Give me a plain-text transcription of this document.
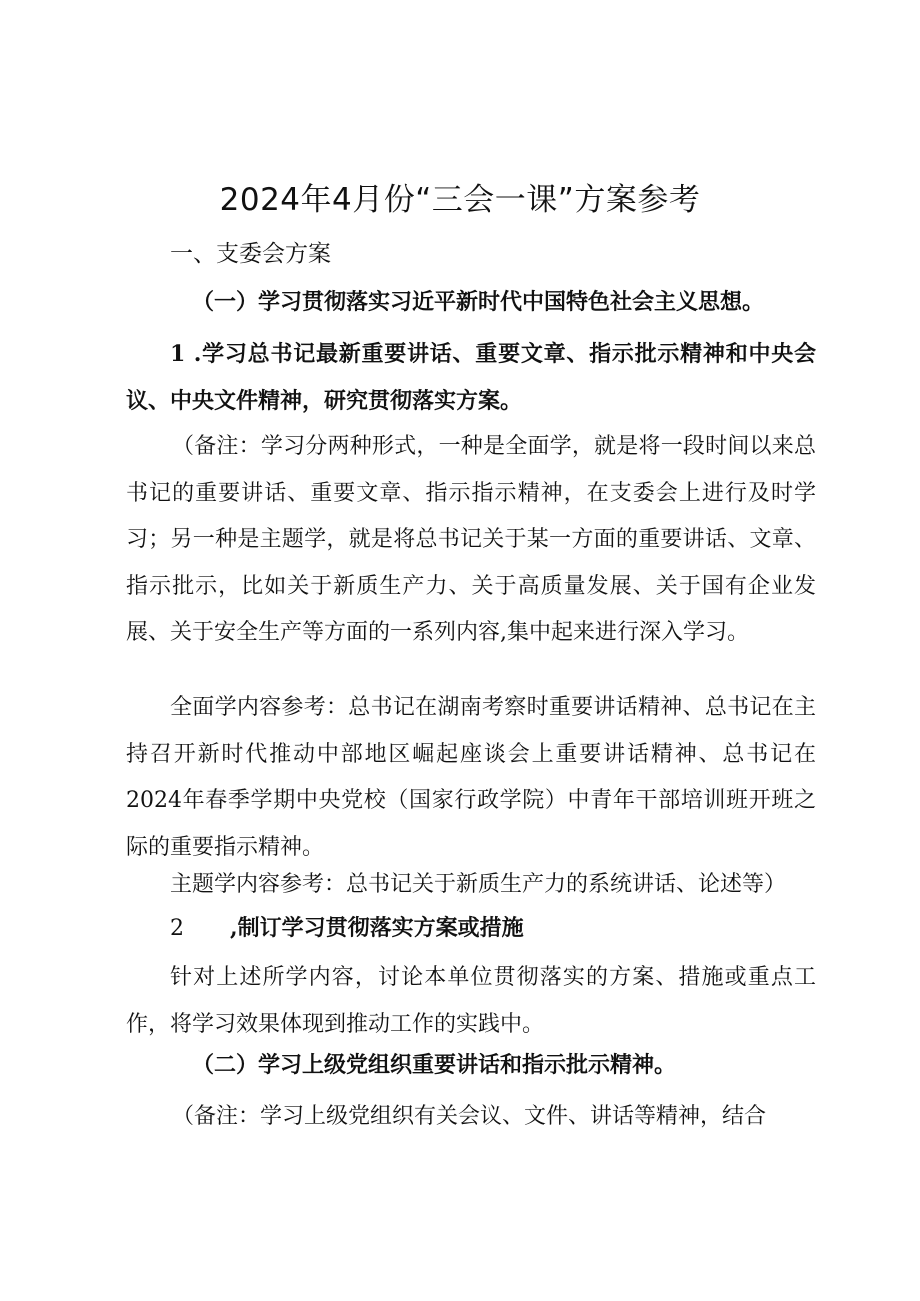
2024年4月份“三会一课”方案参考
一、支委会方案
（一）学习贯彻落实习近平新时代中国特色社会主义思想。
1 .学习总书记最新重要讲话、重要文章、指示批示精神和中央会议、中央文件精神，研究贯彻落实方案。
（备注：学习分两种形式，一种是全面学，就是将一段时间以来总书记的重要讲话、重要文章、指示指示精神，在支委会上进行及时学习；另一种是主题学，就是将总书记关于某一方面的重要讲话、文章、指示批示，比如关于新质生产力、关于高质量发展、关于国有企业发展、关于安全生产等方面的一系列内容,集中起来进行深入学习。
全面学内容参考：总书记在湖南考察时重要讲话精神、总书记在主持召开新时代推动中部地区崛起座谈会上重要讲话精神、总书记在2024年春季学期中央党校（国家行政学院）中青年干部培训班开班之际的重要指示精神。
主题学内容参考：总书记关于新质生产力的系统讲话、论述等）
2 ,制订学习贯彻落实方案或措施
针对上述所学内容，讨论本单位贯彻落实的方案、措施或重点工作，将学习效果体现到推动工作的实践中。
（二）学习上级党组织重要讲话和指示批示精神。
（备注：学习上级党组织有关会议、文件、讲话等精神，结合
